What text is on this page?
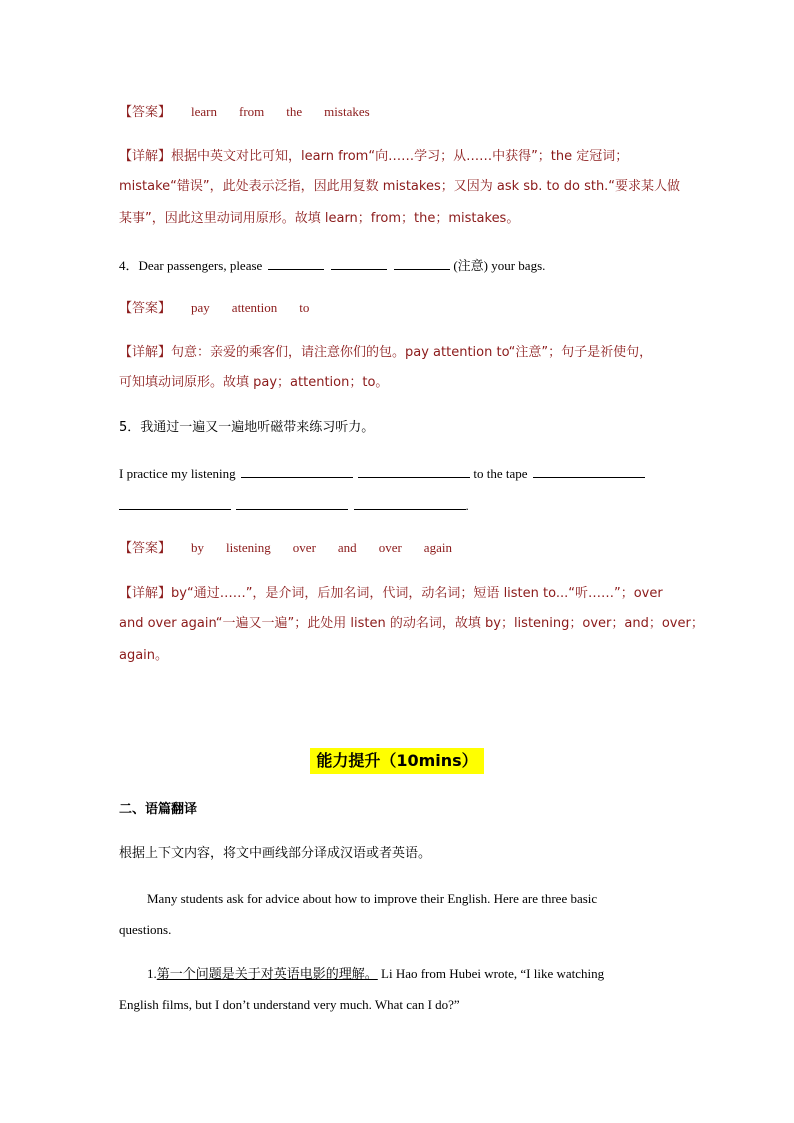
【答案】 learn from the mistakes
【详解】根据中英文对比可知，learn from“向……学习；从……中获得”；the 定冠词；
mistake“错误”，此处表示泛指，因此用复数 mistakes；又因为 ask sb. to do sth.“要求某人做
某事”，因此这里动词用原形。故填 learn；from；the；mistakes。
4．Dear passengers, please	(注意) your bags.
【答案】 pay attention to
【详解】句意：亲爱的乘客们，请注意你们的包。pay attention to“注意”；句子是祈使句，
可知填动词原形。故填 pay；attention；to。
5．我通过一遍又一遍地听磁带来练习听力。
I practice my listening	to the tape
.
【答案】 by listening over and over again
【详解】by“通过……”，是介词，后加名词，代词，动名词；短语 listen to...“听……”；over
and over again“一遍又一遍”；此处用 listen 的动名词，故填 by；listening；over；and；over；
again。
能力提升（10mins）
二、语篇翻译
根据上下文内容，将文中画线部分译成汉语或者英语。
Many students ask for advice about how to improve their English. Here are three basic
questions.
1.第一个问题是关于对英语电影的理解。 Li Hao from Hubei wrote, “I like watching
English films, but I don’t understand very much. What can I do?”
